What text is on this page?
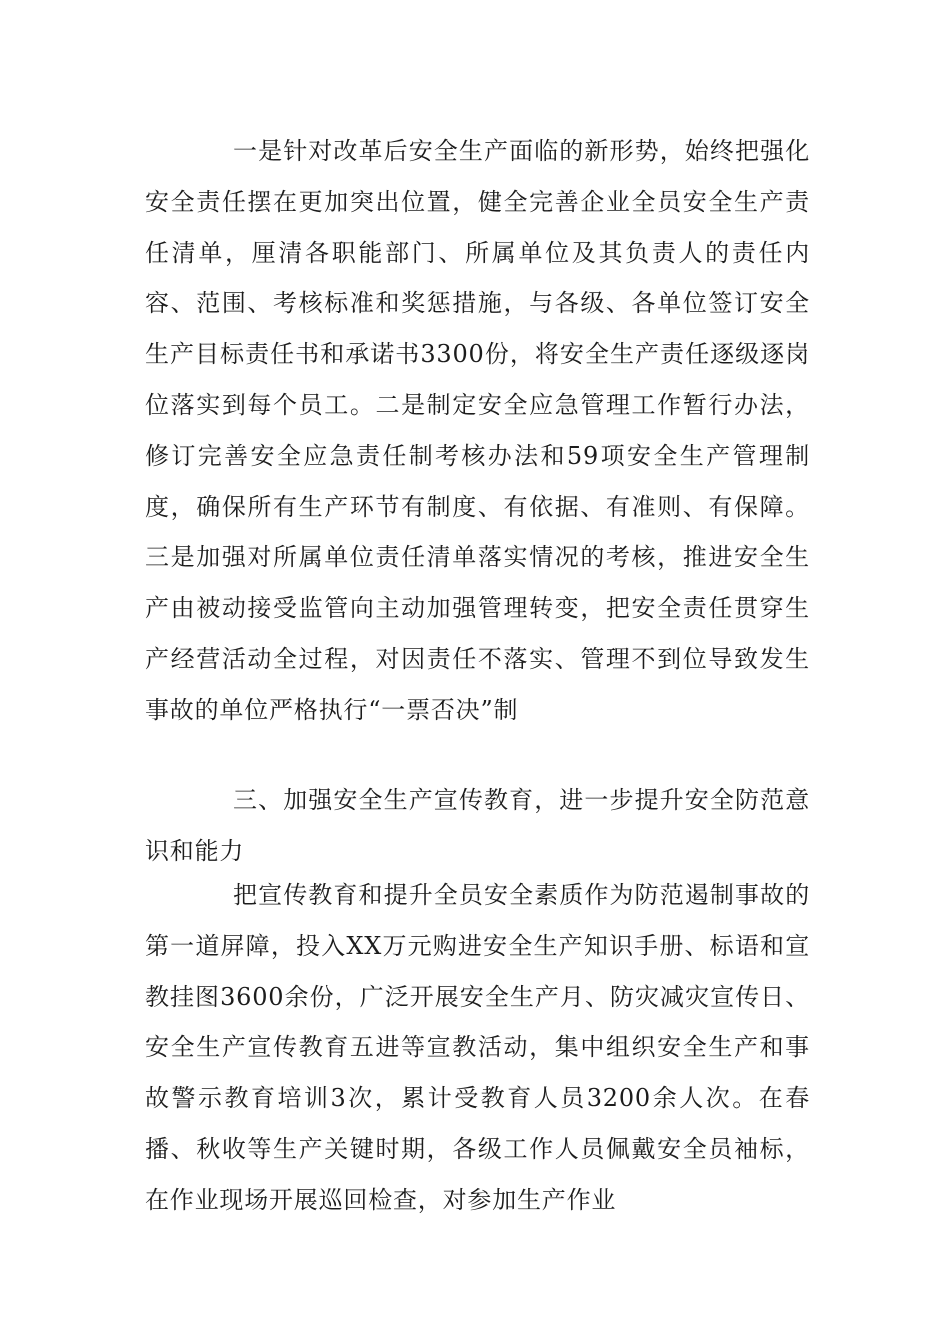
一是针对改革后安全生产面临的新形势，始终把强化安全责任摆在更加突出位置，健全完善企业全员安全生产责任清单，厘清各职能部门、所属单位及其负责人的责任内容、范围、考核标准和奖惩措施，与各级、各单位签订安全生产目标责任书和承诺书3300份，将安全生产责任逐级逐岗位落实到每个员工。二是制定安全应急管理工作暂行办法，修订完善安全应急责任制考核办法和59项安全生产管理制度，确保所有生产环节有制度、有依据、有准则、有保障。三是加强对所属单位责任清单落实情况的考核，推进安全生产由被动接受监管向主动加强管理转变，把安全责任贯穿生产经营活动全过程，对因责任不落实、管理不到位导致发生事故的单位严格执行“一票否决”制

三、加强安全生产宣传教育，进一步提升安全防范意识和能力

把宣传教育和提升全员安全素质作为防范遏制事故的第一道屏障，投入XX万元购进安全生产知识手册、标语和宣教挂图3600余份，广泛开展安全生产月、防灾减灾宣传日、安全生产宣传教育五进等宣教活动，集中组织安全生产和事故警示教育培训3次，累计受教育人员3200余人次。在春播、秋收等生产关键时期，各级工作人员佩戴安全员袖标，在作业现场开展巡回检查，对参加生产作业
